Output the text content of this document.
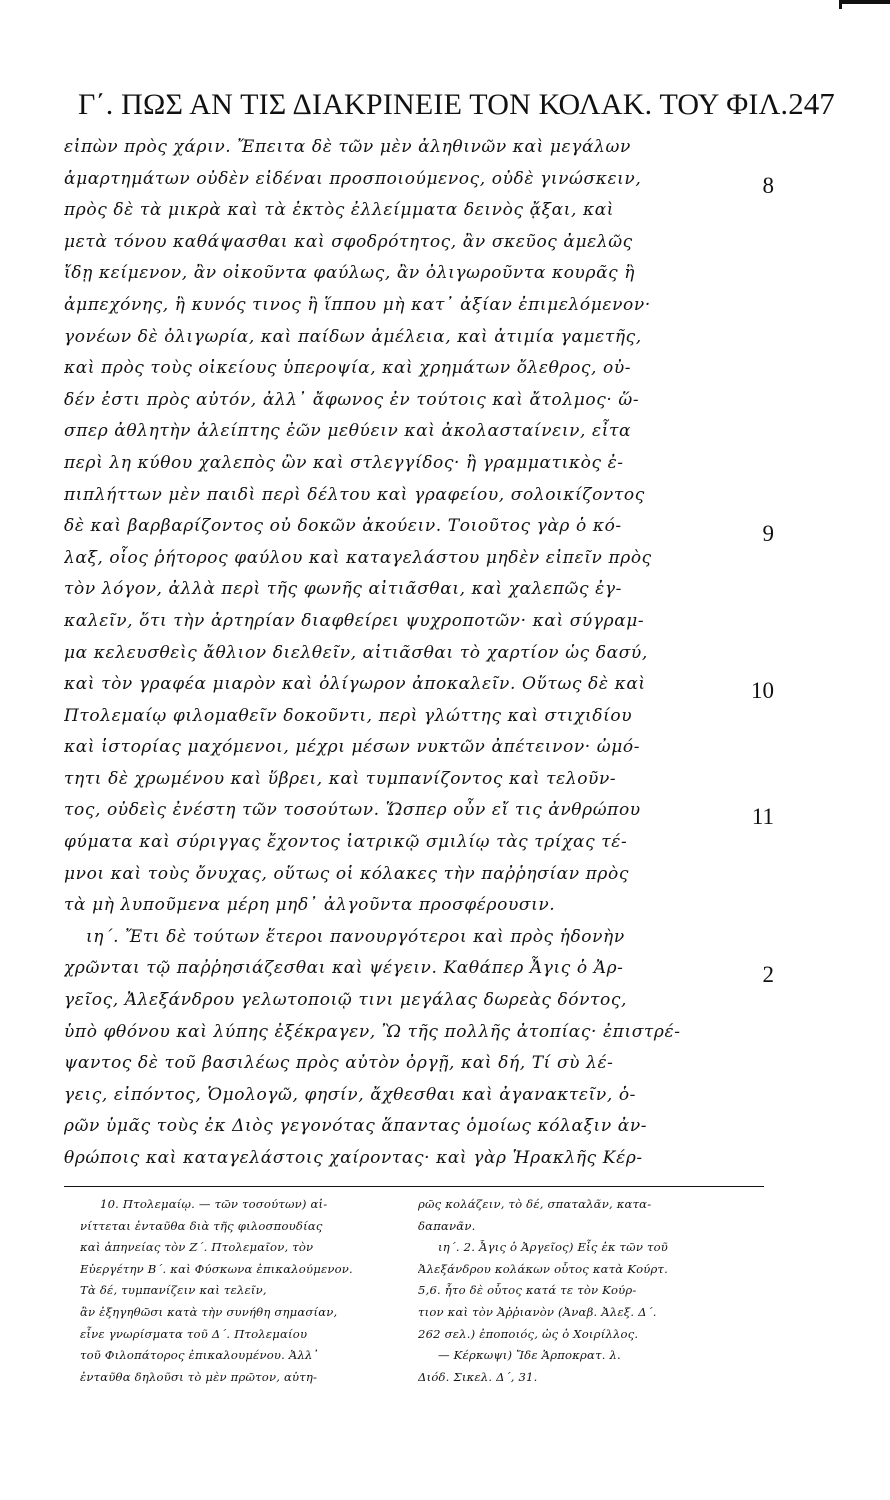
Γ΄. ΠΩΣ ΑΝ ΤΙΣ ΔΙΑΚΡΙΝΕΙΕ ΤΟΝ ΚΟΛΑΚ. ΤΟΥ ΦΙΛ. 247
εἰπὼν πρὸς χάριν. Ἔπειτα δὲ τῶν μὲν ἀληθινῶν καὶ μεγάλων
ἁμαρτημάτων οὐδὲν εἰδέναι προσποιούμενος, οὐδὲ γινώσκειν,
πρὸς δὲ τὰ μικρὰ καὶ τὰ ἐκτὸς ἐλλείμματα δεινὸς ᾄξαι, καὶ
μετὰ τόνου καθάψασθαι καὶ σφοδρότητος, ἂν σκεῦος ἀμελῶς
ἴδῃ κείμενον, ἂν οἰκοῦντα φαύλως, ἂν ὀλιγωροῦντα κουρᾶς ἢ
ἀμπεχόνης, ἢ κυνός τινος ἢ ἵππου μὴ κατ᾽ ἀξίαν ἐπιμελόμενον·
γονέων δὲ ὀλιγωρία, καὶ παίδων ἀμέλεια, καὶ ἀτιμία γαμετῆς,
καὶ πρὸς τοὺς οἰκείους ὑπεροψία, καὶ χρημάτων ὄλεθρος, οὐ-
δέν ἐστι πρὸς αὐτόν, ἀλλ᾽ ἄφωνος ἐν τούτοις καὶ ἄτολμος· ὥ-
σπερ ἀθλητὴν ἀλείπτης ἐῶν μεθύειν καὶ ἀκολασταίνειν, εἶτα
περὶ λη κύθου χαλεπὸς ὢν καὶ στλεγγίδος· ἢ γραμματικὸς ἐ-
πιπλήττων μὲν παιδὶ περὶ δέλτου καὶ γραφείου, σολοικίζοντος
δὲ καὶ βαρβαρίζοντος οὐ δοκῶν ἀκούειν. Τοιοῦτος γὰρ ὁ κό-
λαξ, οἷος ῥήτορος φαύλου καὶ καταγελάστου μηδὲν εἰπεῖν πρὸς
τὸν λόγον, ἀλλὰ περὶ τῆς φωνῆς αἰτιᾶσθαι, καὶ χαλεπῶς ἐγ-
καλεῖν, ὅτι τὴν ἀρτηρίαν διαφθείρει ψυχροποτῶν· καὶ σύγραμ-
μα κελευσθεὶς ἄθλιον διελθεῖν, αἰτιᾶσθαι τὸ χαρτίον ὡς δασύ,
καὶ τὸν γραφέα μιαρὸν καὶ ὀλίγωρον ἀποκαλεῖν. Οὕτως δὲ καὶ
Πτολεμαίῳ φιλομαθεῖν δοκοῦντι, περὶ γλώττης καὶ στιχιδίου
καὶ ἱστορίας μαχόμενοι, μέχρι μέσων νυκτῶν ἀπέτεινον· ὠμό-
τητι δὲ χρωμένου καὶ ὕβρει, καὶ τυμπανίζοντος καὶ τελοῦν-
τος, οὐδεὶς ἐνέστη τῶν τοσούτων. Ὥσπερ οὖν εἴ τις ἀνθρώπου
φύματα καὶ σύριγγας ἔχοντος ἰατρικῷ σμιλίῳ τὰς τρίχας τέ-
μνοι καὶ τοὺς ὄνυχας, οὕτως οἱ κόλακες τὴν παῤῥησίαν πρὸς
τὰ μὴ λυποῦμενα μέρη μηδ᾽ ἀλγοῦντα προσφέρουσιν.
ιη΄. Ἔτι δὲ τούτων ἕτεροι πανουργότεροι καὶ πρὸς ἡδονὴν
χρῶνται τῷ παῤῥησιάζεσθαι καὶ ψέγειν. Καθάπερ Ἆγις ὁ Ἀρ-
γεῖος, Ἀλεξάνδρου γελωτοποιῷ τινι μεγάλας δωρεὰς δόντος,
ὑπὸ φθόνου καὶ λύπης ἐξέκραγεν, Ὢ τῆς πολλῆς ἀτοπίας· ἐπιστρέ-
ψαντος δὲ τοῦ βασιλέως πρὸς αὐτὸν ὀργῇ, καὶ δή, Τί σὺ λέ-
γεις, εἰπόντος, Ὁμολογῶ, φησίν, ἄχθεσθαι καὶ ἀγανακτεῖν, ὁ-
ρῶν ὑμᾶς τοὺς ἐκ Διὸς γεγονότας ἅπαντας ὁμοίως κόλαξιν ἀν-
θρώποις καὶ καταγελάστοις χαίροντας· καὶ γὰρ Ἡρακλῆς Κέρ-
8
9
10
11
2
10. Πτολεμαίῳ. — τῶν τοσούτων) αἰ-
νίττεται ἐνταῦθα διὰ τῆς φιλοσπουδίας
καὶ ἀπηνείας τὸν Ζ΄. Πτολεμαῖον, τὸν
Εὐεργέτην Β΄. καὶ Φύσκωνα ἐπικαλούμενον.
Τὰ δέ, τυμπανίζειν καὶ τελεῖν,
ἂν ἐξηγηθῶσι κατὰ τὴν συνήθη σημασίαν,
εἶνε γνωρίσματα τοῦ Δ΄. Πτολεμαίου
τοῦ Φιλοπάτορος ἐπικαλουμένου. Ἀλλ᾽
ἐνταῦθα δηλοῦσι τὸ μὲν πρῶτον, αὐτη-
ρῶς κολάζειν, τὸ δέ, σπαταλᾶν, κατα-
δαπανᾶν.
ιη΄. 2. Ἆγις ὁ Ἀργεῖος) Εἷς ἐκ τῶν τοῦ
Ἀλεξάνδρου κολάκων οὗτος κατὰ Κούρτ.
5,6. ἦτο δὲ οὗτος κατά τε τὸν Κούρ-
τιον καὶ τὸν Ἀῤῥιανὸν (Ἀναβ. Ἀλεξ. Δ΄.
262 σελ.) ἐποποιός, ὡς ὁ Χοιρίλλος.
— Κέρκωψι) Ἴδε Ἁρποκρατ. λ.
Διόδ. Σικελ. Δ΄, 31.
